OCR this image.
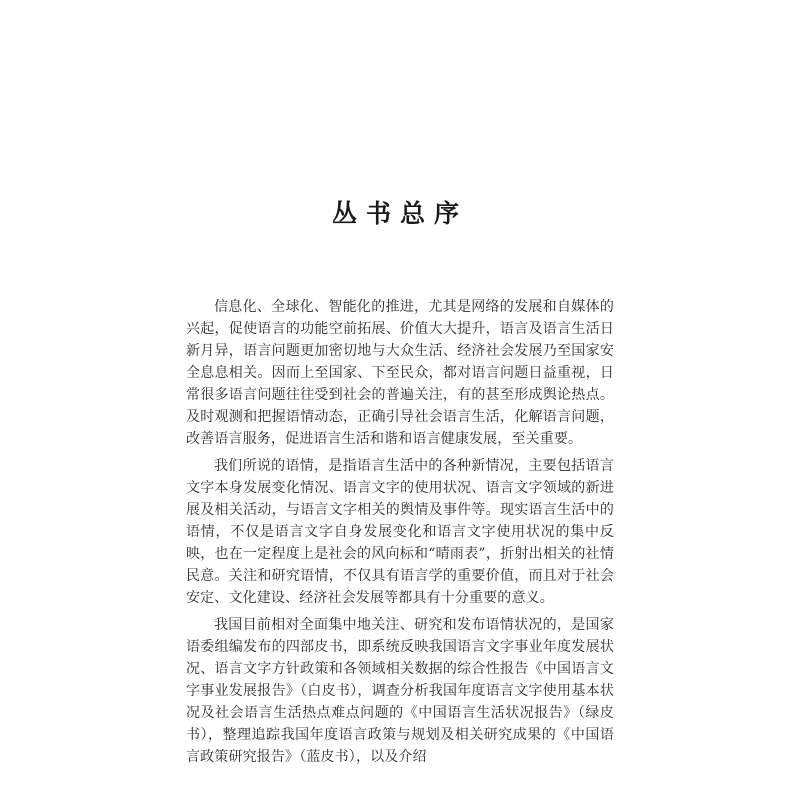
丛书总序

信息化、全球化、智能化的推进，尤其是网络的发展和自媒体的兴起，促使语言的功能空前拓展、价值大大提升，语言及语言生活日新月异，语言问题更加密切地与大众生活、经济社会发展乃至国家安全息息相关。因而上至国家、下至民众，都对语言问题日益重视，日常很多语言问题往往受到社会的普遍关注，有的甚至形成舆论热点。及时观测和把握语情动态，正确引导社会语言生活，化解语言问题，改善语言服务，促进语言生活和谐和语言健康发展，至关重要。

我们所说的语情，是指语言生活中的各种新情况，主要包括语言文字本身发展变化情况、语言文字的使用状况、语言文字领域的新进展及相关活动，与语言文字相关的舆情及事件等。现实语言生活中的语情，不仅是语言文字自身发展变化和语言文字使用状况的集中反映，也在一定程度上是社会的风向标和“晴雨表”，折射出相关的社情民意。关注和研究语情，不仅具有语言学的重要价值，而且对于社会安定、文化建设、经济社会发展等都具有十分重要的意义。

我国目前相对全面集中地关注、研究和发布语情状况的，是国家语委组编发布的四部皮书，即系统反映我国语言文字事业年度发展状况、语言文字方针政策和各领域相关数据的综合性报告《中国语言文字事业发展报告》（白皮书），调查分析我国年度语言文字使用基本状况及社会语言生活热点难点问题的《中国语言生活状况报告》（绿皮书），整理追踪我国年度语言政策与规划及相关研究成果的《中国语言政策研究报告》（蓝皮书），以及介绍
